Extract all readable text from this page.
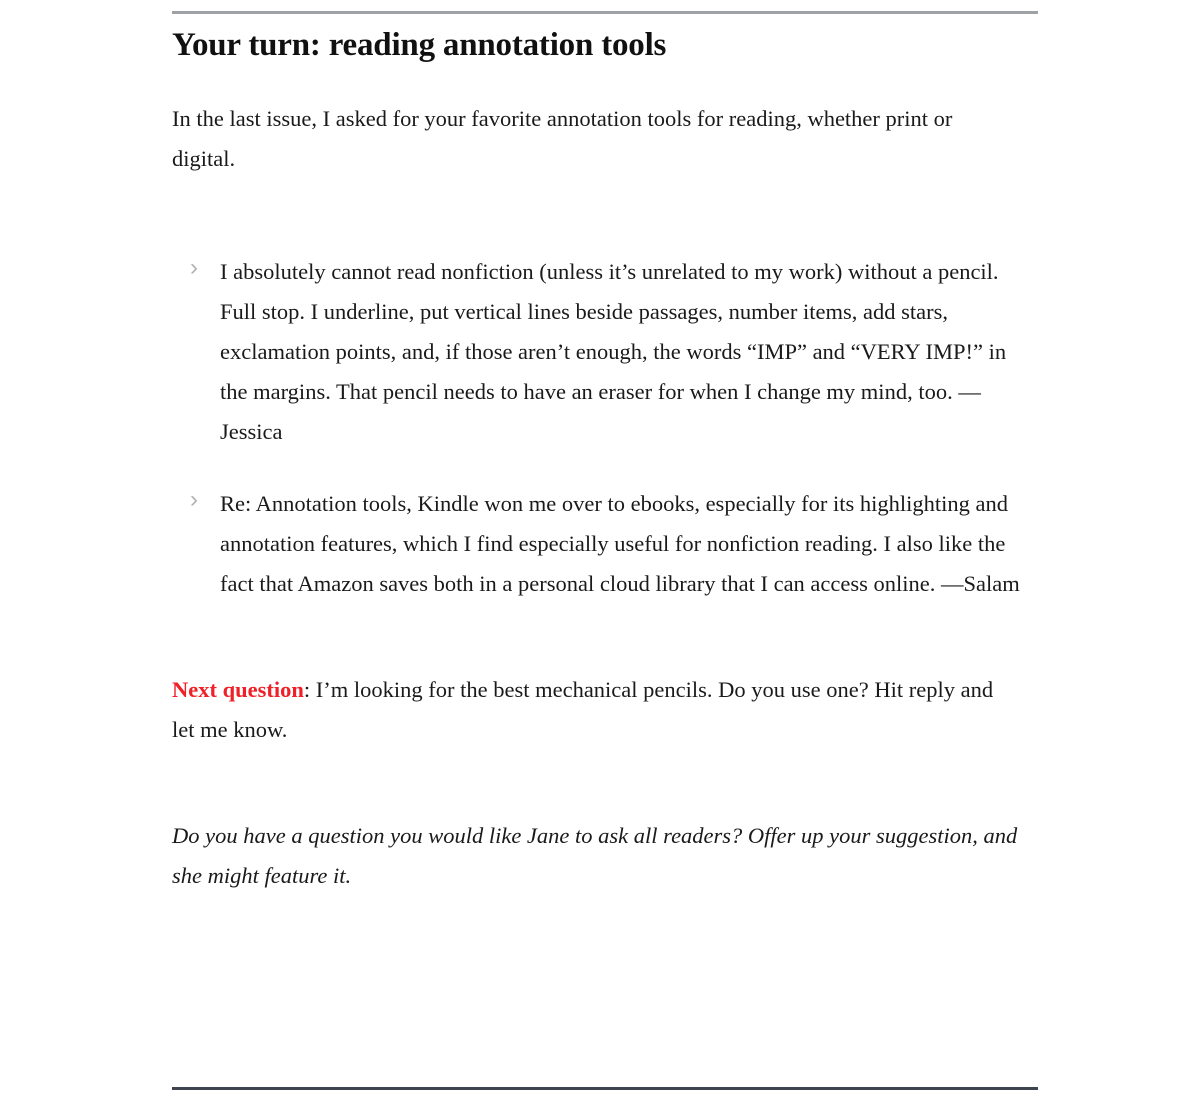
Your turn: reading annotation tools

In the last issue, I asked for your favorite annotation tools for reading, whether print or digital.

› I absolutely cannot read nonfiction (unless it’s unrelated to my work) without a pencil. Full stop. I underline, put vertical lines beside passages, number items, add stars, exclamation points, and, if those aren’t enough, the words “IMP” and “VERY IMP!” in the margins. That pencil needs to have an eraser for when I change my mind, too. —Jessica
› Re: Annotation tools, Kindle won me over to ebooks, especially for its highlighting and annotation features, which I find especially useful for nonfiction reading. I also like the fact that Amazon saves both in a personal cloud library that I can access online. —Salam

Next question: I’m looking for the best mechanical pencils. Do you use one? Hit reply and let me know.

Do you have a question you would like Jane to ask all readers? Offer up your suggestion, and she might feature it.
